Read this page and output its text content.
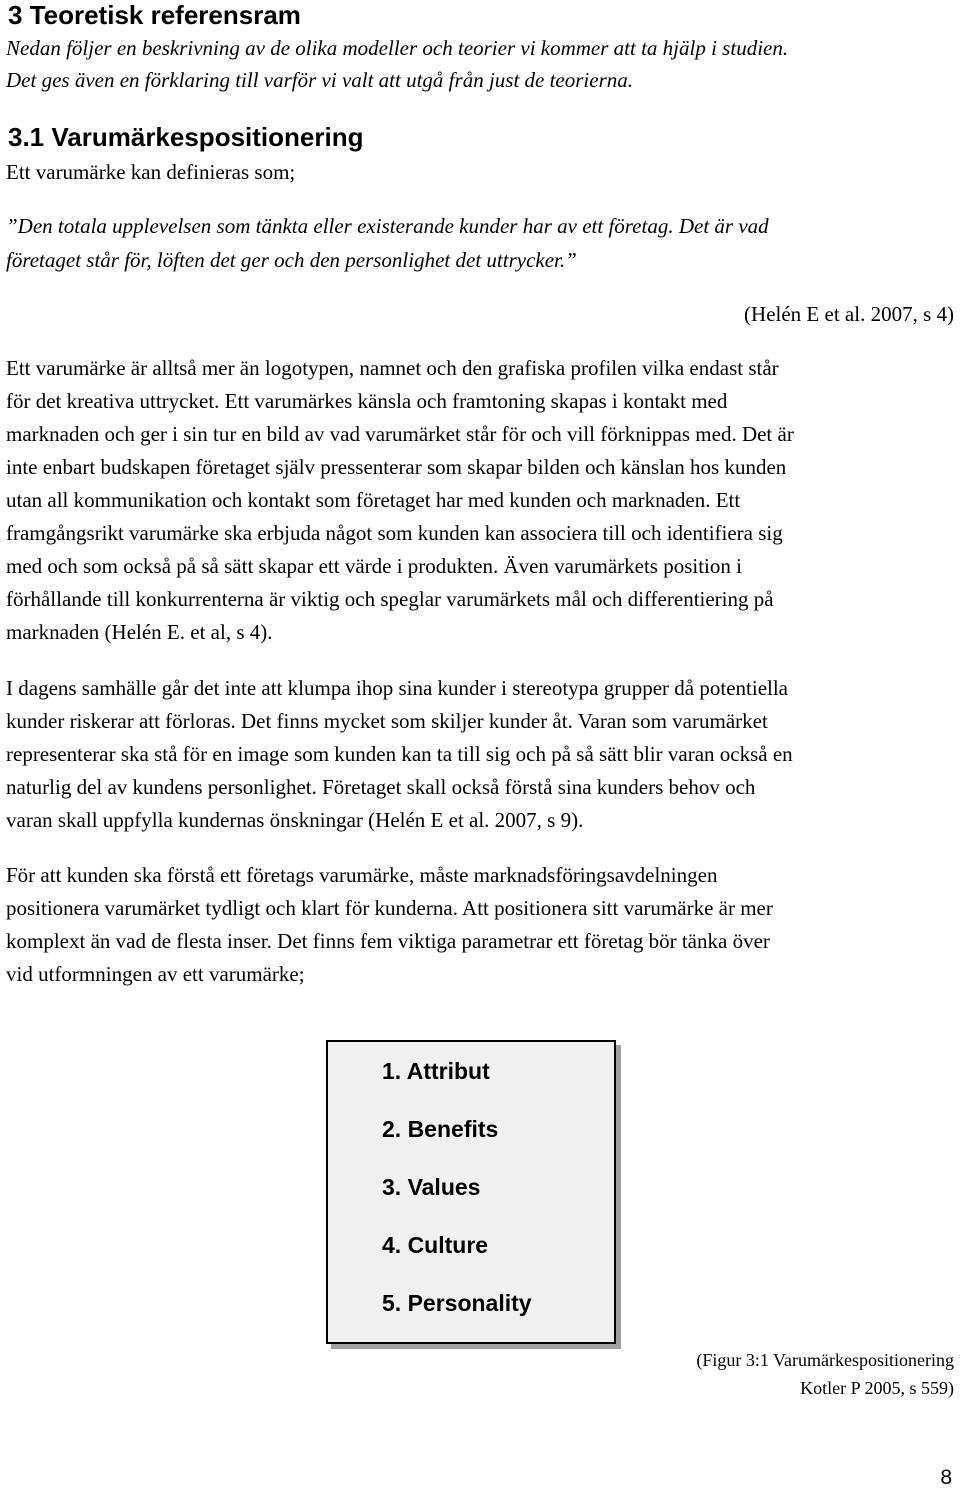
3 Teoretisk referensram
Nedan följer en beskrivning av de olika modeller och teorier vi kommer att ta hjälp i studien.
Det ges även en förklaring till varför vi valt att utgå från just de teorierna.
3.1 Varumärkespositionering
Ett varumärke kan definieras som;
”Den totala upplevelsen som tänkta eller existerande kunder har av ett företag. Det är vad
företaget står för, löften det ger och den personlighet det uttrycker.”
(Helén E et al. 2007, s 4)
Ett varumärke är alltså mer än logotypen, namnet och den grafiska profilen vilka endast står
för det kreativa uttrycket. Ett varumärkes känsla och framtoning skapas i kontakt med
marknaden och ger i sin tur en bild av vad varumärket står för och vill förknippas med. Det är
inte enbart budskapen företaget själv pressenterar som skapar bilden och känslan hos kunden
utan all kommunikation och kontakt som företaget har med kunden och marknaden. Ett
framgångsrikt varumärke ska erbjuda något som kunden kan associera till och identifiera sig
med och som också på så sätt skapar ett värde i produkten. Även varumärkets position i
förhållande till konkurrenterna är viktig och speglar varumärkets mål och differentiering på
marknaden (Helén E. et al, s 4).
I dagens samhälle går det inte att klumpa ihop sina kunder i stereotypa grupper då potentiella
kunder riskerar att förloras. Det finns mycket som skiljer kunder åt. Varan som varumärket
representerar ska stå för en image som kunden kan ta till sig och på så sätt blir varan också en
naturlig del av kundens personlighet. Företaget skall också förstå sina kunders behov och
varan skall uppfylla kundernas önskningar (Helén E et al. 2007, s 9).
För att kunden ska förstå ett företags varumärke, måste marknadsföringsavdelningen
positionera varumärket tydligt och klart för kunderna. Att positionera sitt varumärke är mer
komplext än vad de flesta inser. Det finns fem viktiga parametrar ett företag bör tänka över
vid utformningen av ett varumärke;
1. Attribut
2. Benefits
3. Values
4. Culture
5. Personality
(Figur 3:1 Varumärkespositionering
Kotler P 2005, s 559)
8
